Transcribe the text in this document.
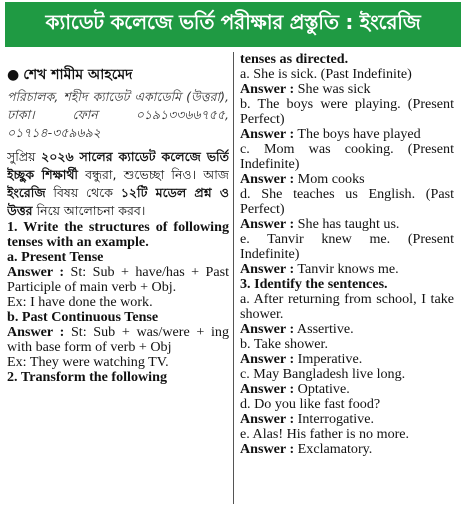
ক্যাডেট কলেজে ভর্তি পরীক্ষার প্রস্তুতি : ইংরেজি
● শেখ শামীম আহমেদ
পরিচালক, শহীদ ক্যাডেট একাডেমি (উত্তরা), ঢাকা। ফোন ০১৯১৩৩৬৬৭৫৫, ০১৭১৪-৩৫৯৬৯২
সুপ্রিয় ২০২৬ সালের ক্যাডেট কলেজে ভর্তি ইচ্ছুক শিক্ষার্থী বন্ধুরা, শুভেচ্ছা নিও। আজ ইংরেজি বিষয় থেকে ১২টি মডেল প্রশ্ন ও উত্তর নিয়ে আলোচনা করব।
1. Write the structures of following tenses with an example.
a. Present Tense

Answer : St: Sub + have/has + Past Participle of main verb + Obj.

Ex: I have done the work.

b. Past Continuous Tense

Answer : St: Sub + was/were + ing with base form of verb + Obj

Ex: They were watching TV.

2. Transform the following
tenses as directed.

a. She is sick. (Past Indefinite)

Answer : She was sick

b. The boys were playing. (Present Perfect)

Answer : The boys have played

c. Mom was cooking. (Present Indefinite)

Answer : Mom cooks

d. She teaches us English. (Past Perfect)

Answer : She has taught us.

e. Tanvir knew me. (Present Indefinite)

Answer : Tanvir knows me.

3. Identify the sentences.

a. After returning from school, I take shower.

Answer : Assertive.

b. Take shower.

Answer : Imperative.

c. May Bangladesh live long.

Answer : Optative.

d. Do you like fast food?

Answer : Interrogative.

e. Alas! His father is no more.

Answer : Exclamatory.
